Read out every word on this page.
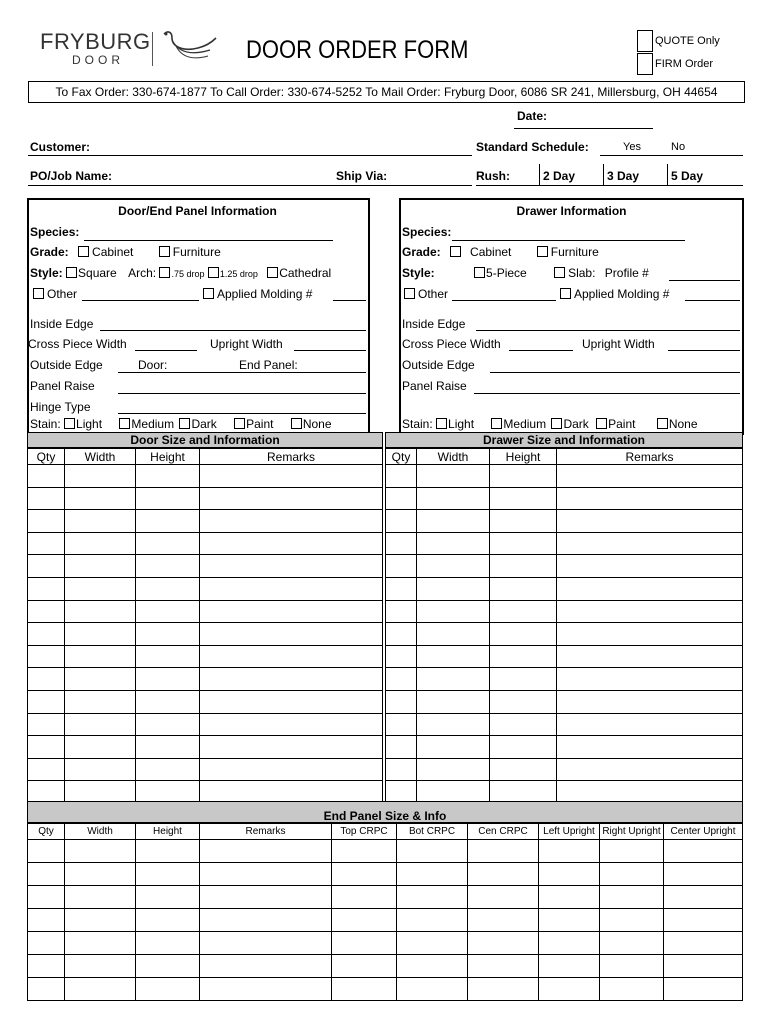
FRYBURG
DOOR	DOOR ORDER FORM	QUOTE Only
FIRM Order
To Fax Order: 330-674-1877 To Call Order: 330-674-5252 To Mail Order: Fryburg Door, 6086 SR 241, Millersburg, OH 44654
Date:
Customer:	Standard Schedule:	Yes	No
PO/Job Name:	Ship Via:	Rush:	2 Day	3 Day	5 Day
Door/End Panel Information
Species:
Grade: Cabinet	Furniture
Style: Square Arch: .75 drop 1.25 drop Cathedral
Other	Applied Molding #
Inside Edge
Cross Piece Width	Upright Width
Outside Edge	Door:	End Panel:
Panel Raise
Hinge Type
Stain: Light Medium Dark Paint None
Drawer Information
Species:
Grade: Cabinet	Furniture
Style:	5-Piece	Slab: Profile #
Other	Applied Molding #
Inside Edge
Cross Piece Width	Upright Width
Outside Edge
Panel Raise
Stain: Light Medium Dark Paint	None
Door Size and Information
Qty	Width	Height	Remarks

Drawer Size and Information
Qty	Width	Height	Remarks

End Panel Size & Info
Qty	Width	Height	Remarks	Top CRPC	Bot CRPC	Cen CRPC	Left Upright	Right Upright	Center Upright
